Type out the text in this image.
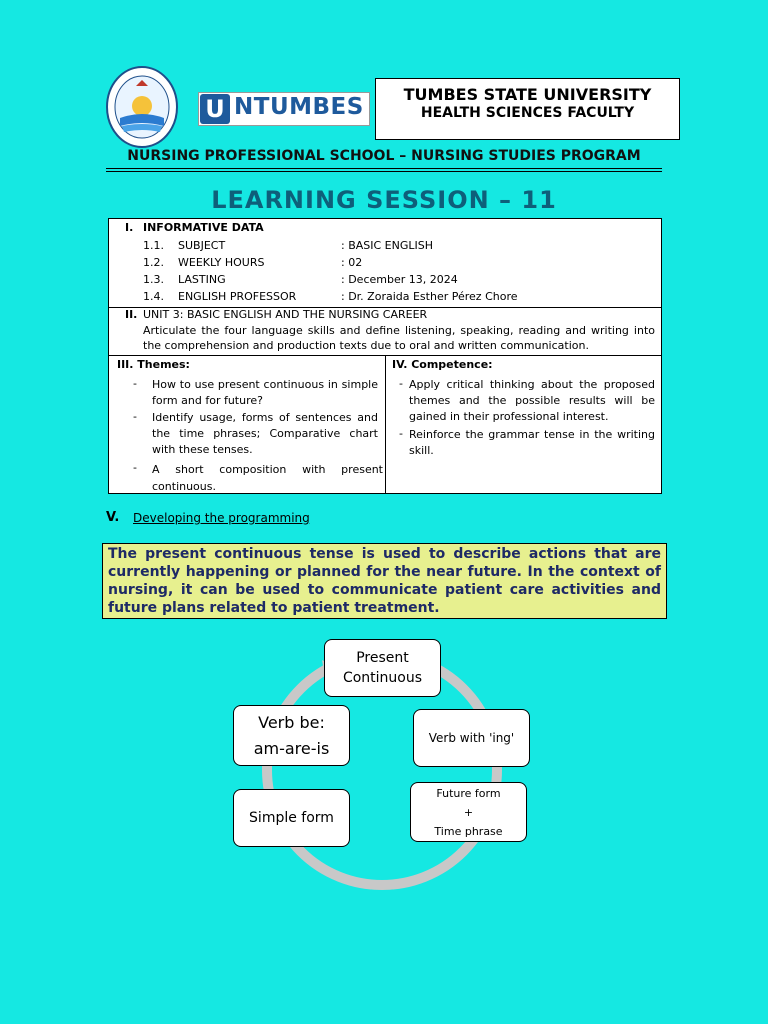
U NTUMBES	TUMBES STATE UNIVERSITY
HEALTH SCIENCES FACULTY
NURSING PROFESSIONAL SCHOOL – NURSING STUDIES PROGRAM
LEARNING SESSION – 11
I. INFORMATIVE DATA
1.1. SUBJECT	: BASIC ENGLISH
1.2. WEEKLY HOURS	: 02
1.3. LASTING	: December 13, 2024
1.4. ENGLISH PROFESSOR	: Dr. Zoraida Esther Pérez Chore
II. UNIT 3: BASIC ENGLISH AND THE NURSING CAREER
Articulate the four language skills and define listening, speaking, reading and writing into the comprehension and production texts due to oral and written communication.
III. Themes:
- How to use present continuous in simple form and for future?
- Identify usage, forms of sentences and the time phrases; Comparative chart with these tenses.
- A short composition with present continuous.
IV. Competence:
- Apply critical thinking about the proposed themes and the possible results will be gained in their professional interest.
- Reinforce the grammar tense in the writing skill.
V. Developing the programming
The present continuous tense is used to describe actions that are currently happening or planned for the near future. In the context of nursing, it can be used to communicate patient care activities and future plans related to patient treatment.
Present
Continuous
Verb with 'ing'
Future form
+
Time phrase
Simple form
Verb be:
am-are-is
